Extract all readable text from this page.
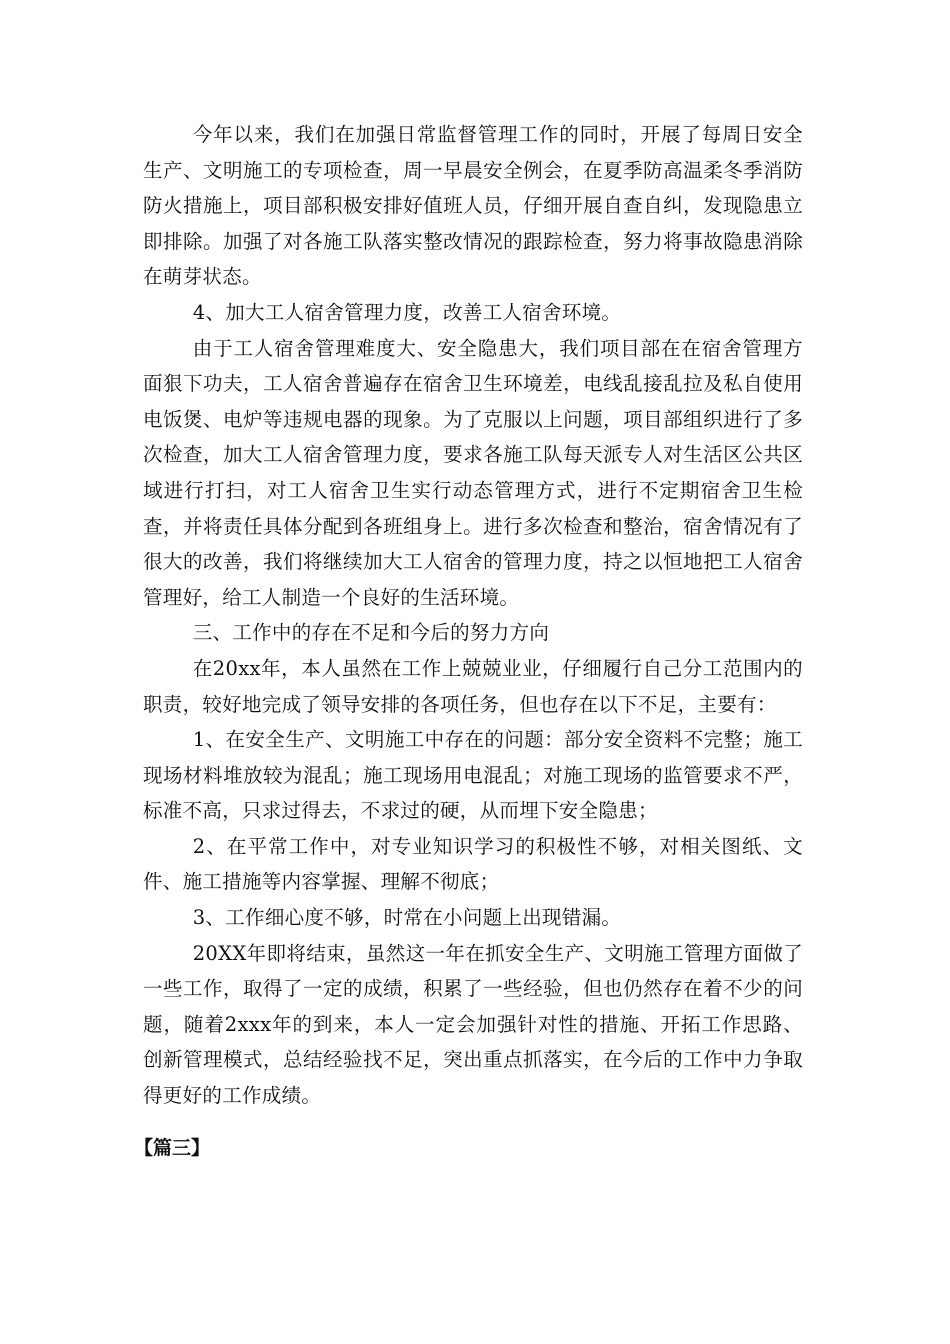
今年以来，我们在加强日常监督管理工作的同时，开展了每周日安全生产、文明施工的专项检查，周一早晨安全例会，在夏季防高温柔冬季消防防火措施上，项目部积极安排好值班人员，仔细开展自查自纠，发现隐患立即排除。加强了对各施工队落实整改情况的跟踪检查，努力将事故隐患消除在萌芽状态。

4、加大工人宿舍管理力度，改善工人宿舍环境。

由于工人宿舍管理难度大、安全隐患大，我们项目部在在宿舍管理方面狠下功夫，工人宿舍普遍存在宿舍卫生环境差，电线乱接乱拉及私自使用电饭煲、电炉等违规电器的现象。为了克服以上问题，项目部组织进行了多次检查，加大工人宿舍管理力度，要求各施工队每天派专人对生活区公共区域进行打扫，对工人宿舍卫生实行动态管理方式，进行不定期宿舍卫生检查，并将责任具体分配到各班组身上。进行多次检查和整治，宿舍情况有了很大的改善，我们将继续加大工人宿舍的管理力度，持之以恒地把工人宿舍管理好，给工人制造一个良好的生活环境。

三、工作中的存在不足和今后的努力方向

在20xx年，本人虽然在工作上兢兢业业，仔细履行自己分工范围内的职责，较好地完成了领导安排的各项任务，但也存在以下不足，主要有：

1、在安全生产、文明施工中存在的问题：部分安全资料不完整；施工现场材料堆放较为混乱；施工现场用电混乱；对施工现场的监管要求不严，标准不高，只求过得去，不求过的硬，从而埋下安全隐患；

2、在平常工作中，对专业知识学习的积极性不够，对相关图纸、文件、施工措施等内容掌握、理解不彻底；

3、工作细心度不够，时常在小问题上出现错漏。

20XX年即将结束，虽然这一年在抓安全生产、文明施工管理方面做了一些工作，取得了一定的成绩，积累了一些经验，但也仍然存在着不少的问题，随着2xxx年的到来，本人一定会加强针对性的措施、开拓工作思路、创新管理模式，总结经验找不足，突出重点抓落实，在今后的工作中力争取得更好的工作成绩。

【篇三】
